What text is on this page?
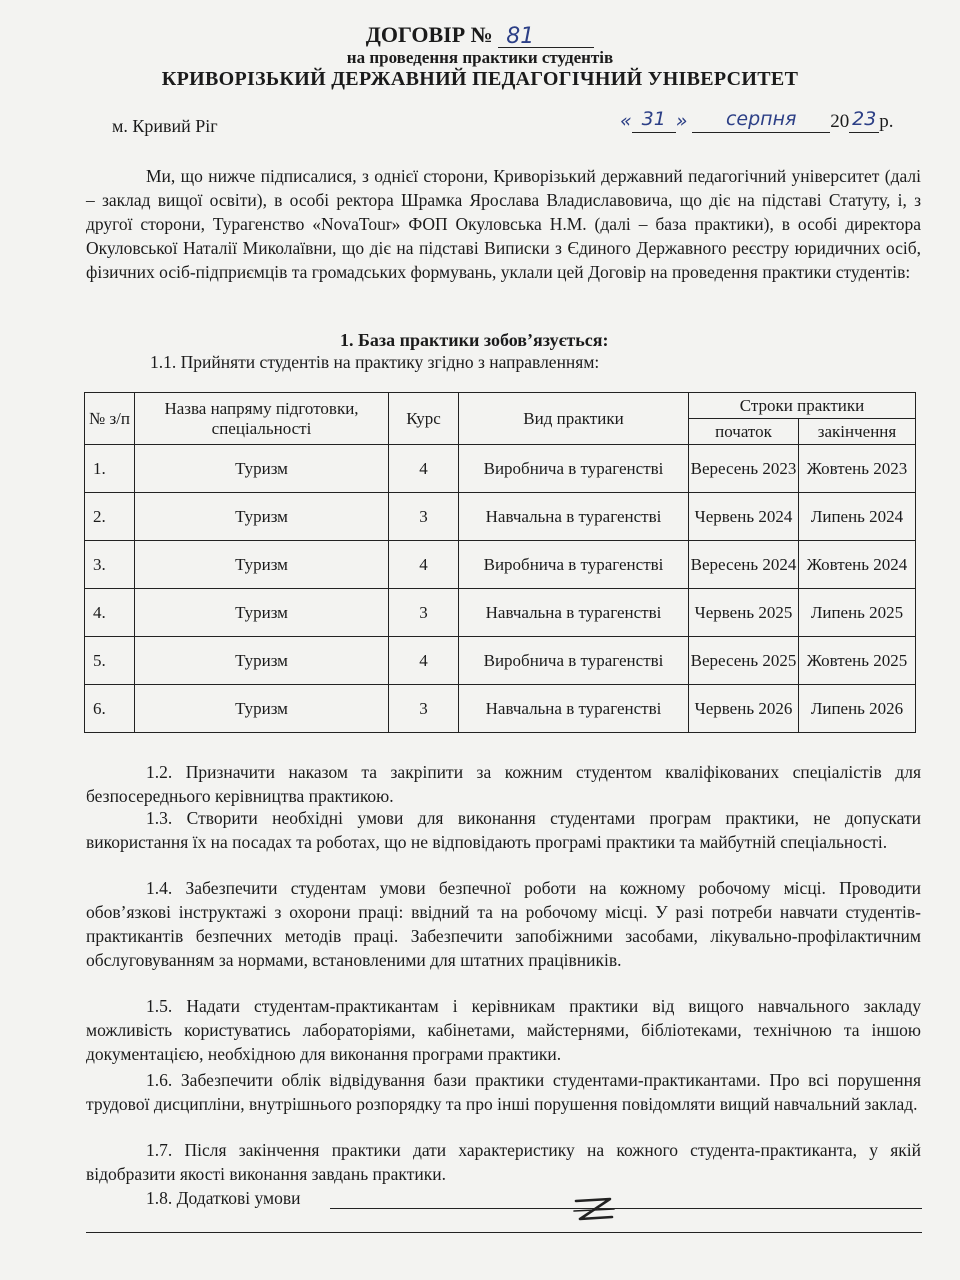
ДОГОВІР № 81
на проведення практики студентів
КРИВОРІЗЬКИЙ ДЕРЖАВНИЙ ПЕДАГОГІЧНИЙ УНІВЕРСИТЕТ
м. Кривий Ріг	« 31 » серпня 20 23 р.
Ми, що нижче підписалися, з однієї сторони, Криворізький державний педагогічний університет (далі – заклад вищої освіти), в особі ректора Шрамка Ярослава Владиславовича, що діє на підставі Статуту, і, з другої сторони, Турагенство «NovaTour» ФОП Окуловська Н.М. (далі – база практики), в особі директора Окуловської Наталії Миколаївни, що діє на підставі Виписки з Єдиного Державного реєстру юридичних осіб, фізичних осіб-підприємців та громадських формувань, уклали цей Договір на проведення практики студентів:
1. База практики зобов’язується:
1.1. Прийняти студентів на практику згідно з направленням:
№ з/п	Назва напряму підготовки, спеціальності	Курс	Вид практики	Строки практики	
				початок	закінчення
1.	Туризм	4	Виробнича в турагенстві	Вересень 2023	Жовтень 2023
2.	Туризм	3	Навчальна в турагенстві	Червень 2024	Липень 2024
3.	Туризм	4	Виробнича в турагенстві	Вересень 2024	Жовтень 2024
4.	Туризм	3	Навчальна в турагенстві	Червень 2025	Липень 2025
5.	Туризм	4	Виробнича в турагенстві	Вересень 2025	Жовтень 2025
6.	Туризм	3	Навчальна в турагенстві	Червень 2026	Липень 2026
1.2. Призначити наказом та закріпити за кожним студентом кваліфікованих спеціалістів для безпосереднього керівництва практикою.
1.3. Створити необхідні умови для виконання студентами програм практики, не допускати використання їх на посадах та роботах, що не відповідають програмі практики та майбутній спеціальності.
1.4. Забезпечити студентам умови безпечної роботи на кожному робочому місці. Проводити обов’язкові інструктажі з охорони праці: ввідний та на робочому місці. У разі потреби навчати студентів-практикантів безпечних методів праці. Забезпечити запобіжними засобами, лікувально-профілактичним обслуговуванням за нормами, встановленими для штатних працівників.
1.5. Надати студентам-практикантам і керівникам практики від вищого навчального закладу можливість користуватись лабораторіями, кабінетами, майстернями, бібліотеками, технічною та іншою документацією, необхідною для виконання програми практики.
1.6. Забезпечити облік відвідування бази практики студентами-практикантами. Про всі порушення трудової дисципліни, внутрішнього розпорядку та про інші порушення повідомляти вищий навчальний заклад.
1.7. Після закінчення практики дати характеристику на кожного студента-практиканта, у якій відобразити якості виконання завдань практики.
1.8. Додаткові умови
